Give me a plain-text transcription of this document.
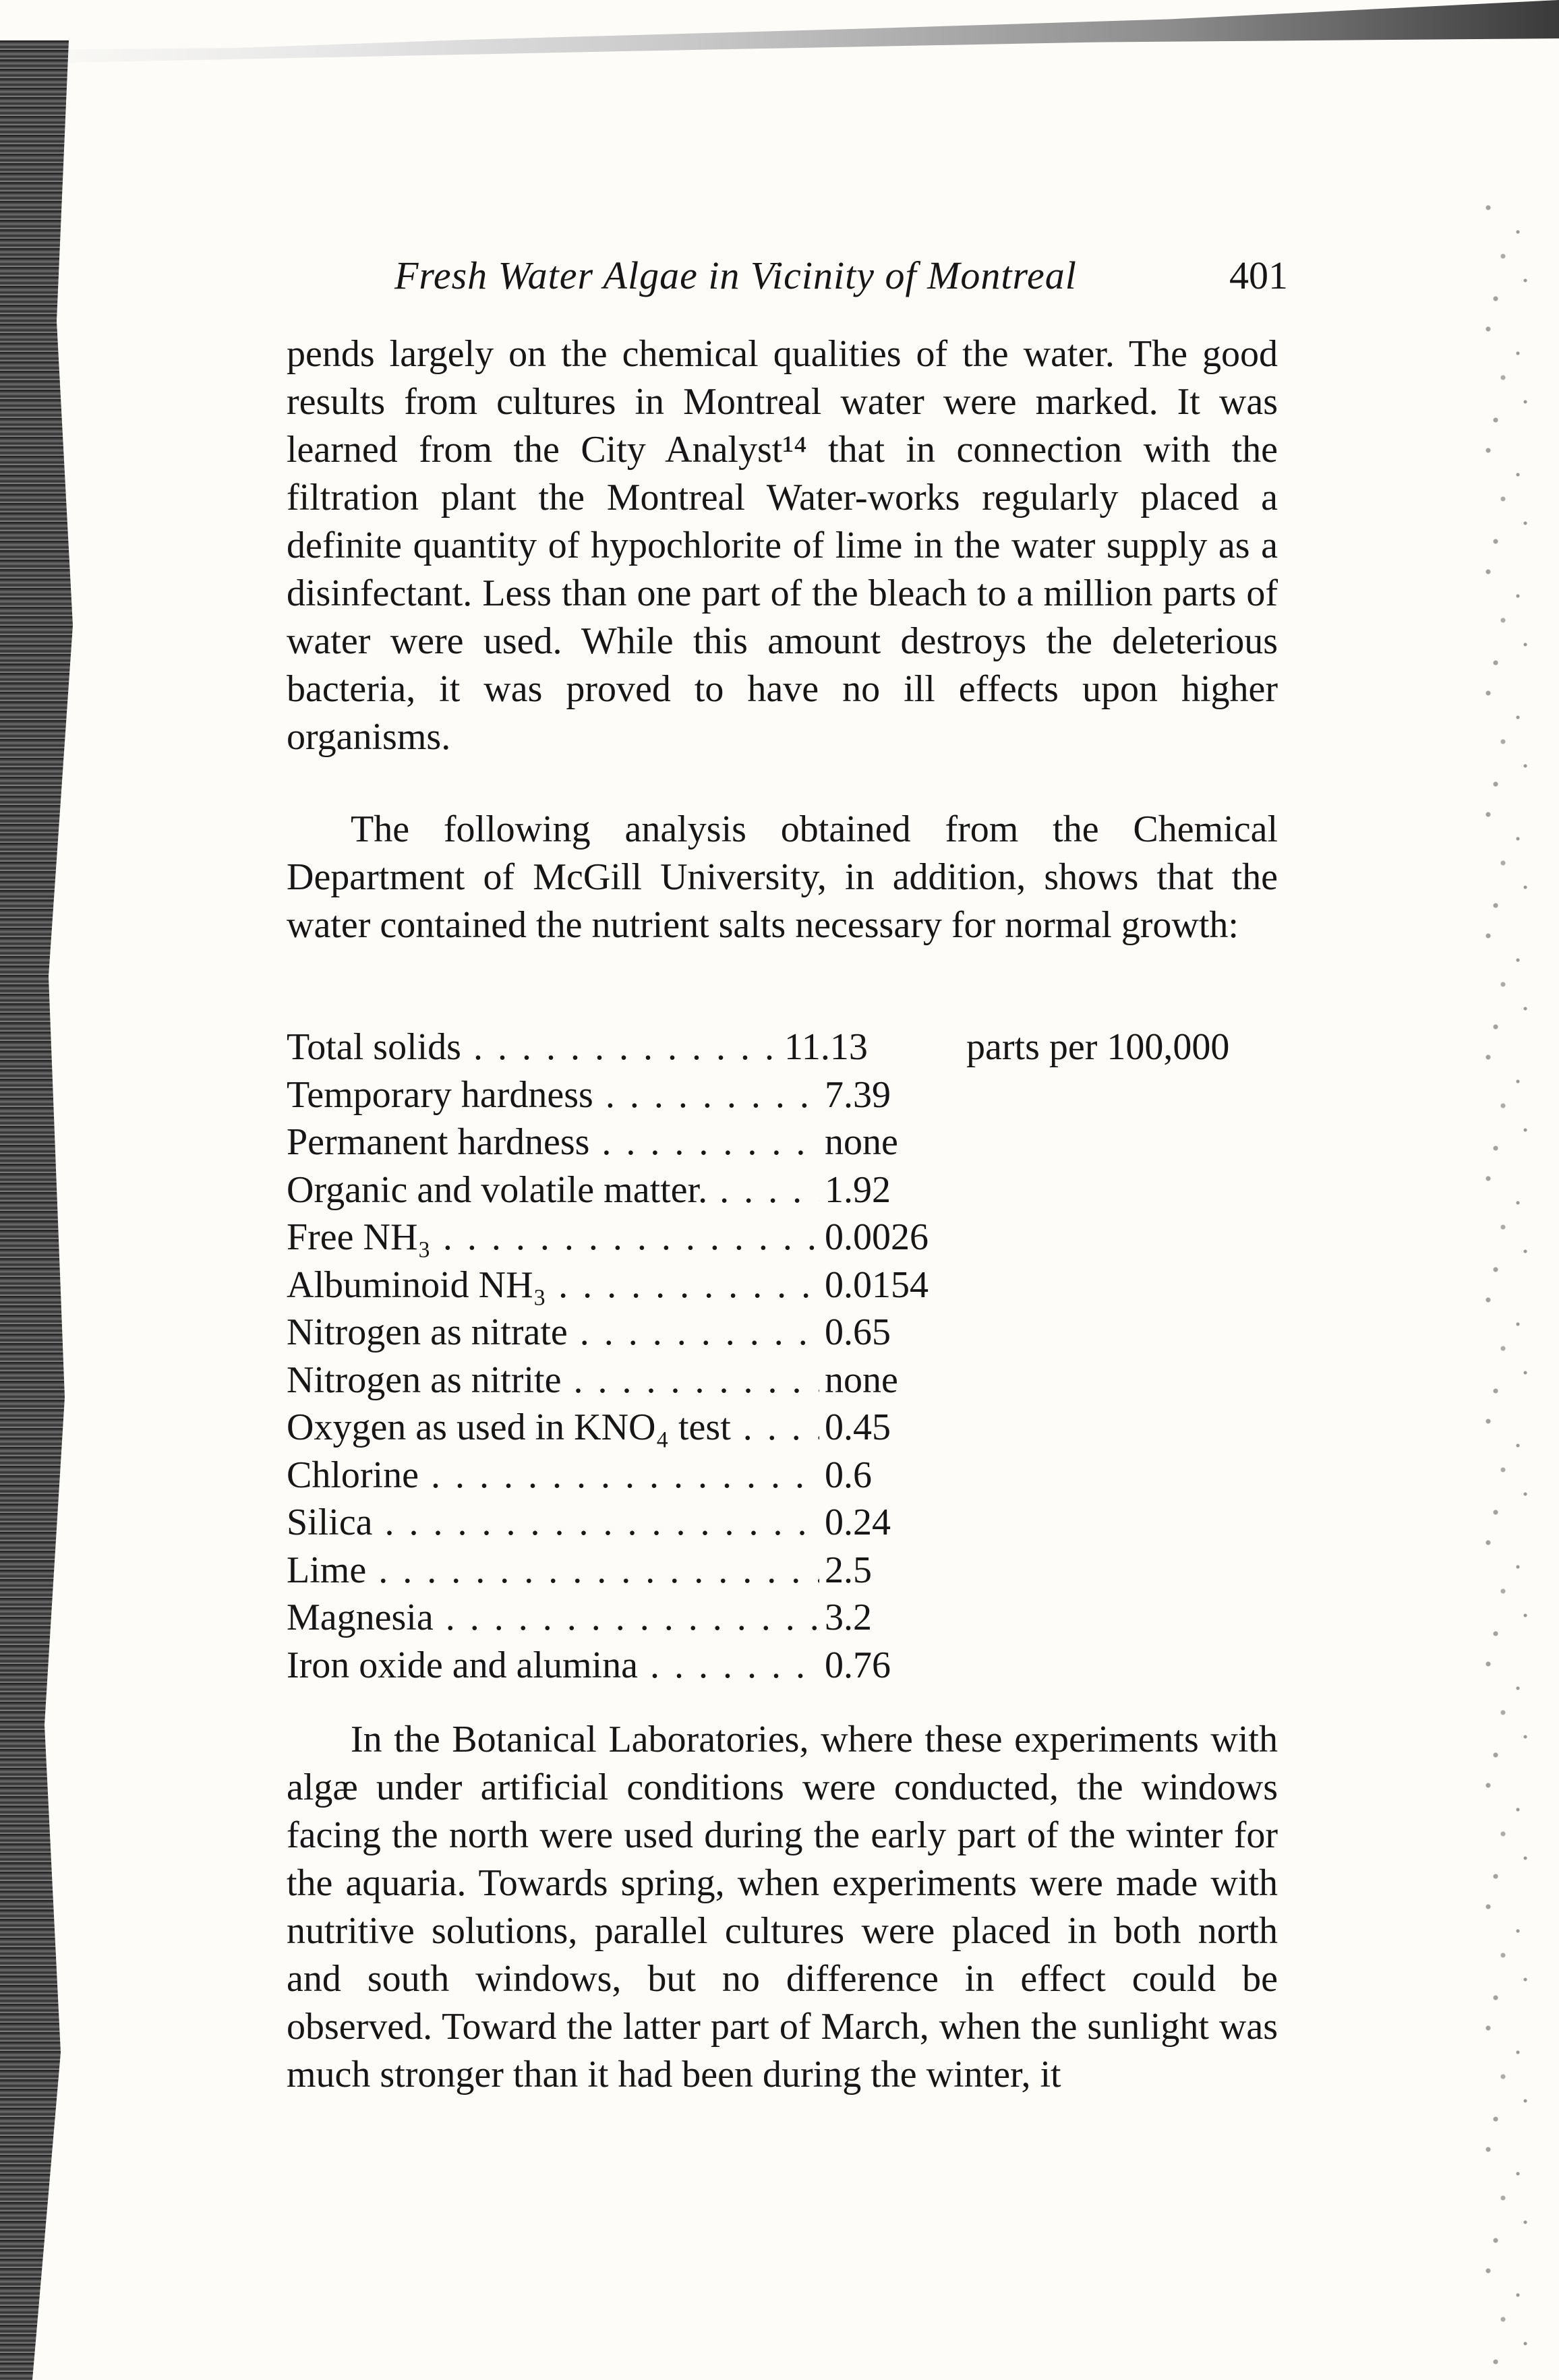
Fresh Water Algae in Vicinity of Montreal	401

pends largely on the chemical qualities of the water. The good results from cultures in Montreal water were marked. It was learned from the City Analyst¹⁴ that in connection with the filtration plant the Montreal Water-works regularly placed a definite quantity of hypochlorite of lime in the water supply as a disinfectant. Less than one part of the bleach to a million parts of water were used. While this amount destroys the deleterious bacteria, it was proved to have no ill effects upon higher organisms.

The following analysis obtained from the Chemical Department of McGill University, in addition, shows that the water contained the nutrient salts necessary for normal growth:

Total solids . . .	11.13	parts per 100,000
Temporary hardness . . .	7.39
Permanent hardness . . .	none
Organic and volatile matter. . . .	1.92
Free NH₃ . . .	0.0026
Albuminoid NH₃ . . .	0.0154
Nitrogen as nitrate . . .	0.65
Nitrogen as nitrite . . .	none
Oxygen as used in KNO₄ test . . .	0.45
Chlorine . . .	0.6
Silica . . .	0.24
Lime . . .	2.5
Magnesia . . .	3.2
Iron oxide and alumina . . .	0.76

In the Botanical Laboratories, where these experiments with algæ under artificial conditions were conducted, the windows facing the north were used during the early part of the winter for the aquaria. Towards spring, when experiments were made with nutritive solutions, parallel cultures were placed in both north and south windows, but no difference in effect could be observed. Toward the latter part of March, when the sunlight was much stronger than it had been during the winter, it
